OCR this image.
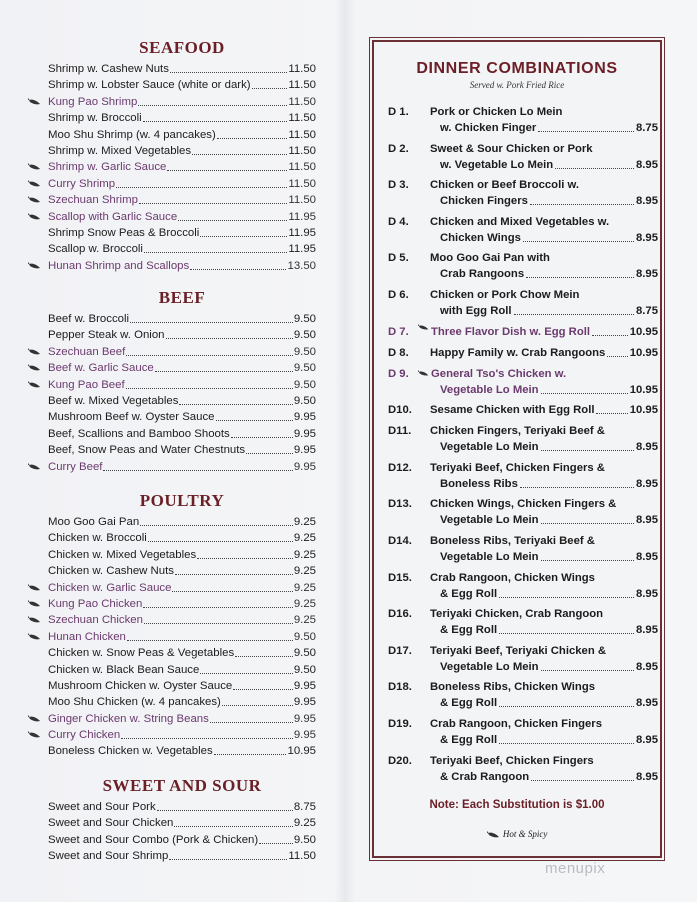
SEAFOOD
Shrimp w. Cashew Nuts	11.50
Shrimp w. Lobster Sauce (white or dark)	11.50
Kung Pao Shrimp	11.50
Shrimp w. Broccoli	11.50
Moo Shu Shrimp (w. 4 pancakes)	11.50
Shrimp w. Mixed Vegetables	11.50
Shrimp w. Garlic Sauce	11.50
Curry Shrimp	11.50
Szechuan Shrimp	11.50
Scallop with Garlic Sauce	11.95
Shrimp Snow Peas & Broccoli	11.95
Scallop w. Broccoli	11.95
Hunan Shrimp and Scallops	13.50
BEEF
Beef w. Broccoli	9.50
Pepper Steak w. Onion	9.50
Szechuan Beef	9.50
Beef w. Garlic Sauce	9.50
Kung Pao Beef	9.50
Beef w. Mixed Vegetables	9.50
Mushroom Beef w. Oyster Sauce	9.95
Beef, Scallions and Bamboo Shoots	9.95
Beef, Snow Peas and Water Chestnuts	9.95
Curry Beef	9.95
POULTRY
Moo Goo Gai Pan	9.25
Chicken w. Broccoli	9.25
Chicken w. Mixed Vegetables	9.25
Chicken w. Cashew Nuts	9.25
Chicken w. Garlic Sauce	9.25
Kung Pao Chicken	9.25
Szechuan Chicken	9.25
Hunan Chicken	9.50
Chicken w. Snow Peas & Vegetables	9.50
Chicken w. Black Bean Sauce	9.50
Mushroom Chicken w. Oyster Sauce	9.95
Moo Shu Chicken (w. 4 pancakes)	9.95
Ginger Chicken w. String Beans	9.95
Curry Chicken	9.95
Boneless Chicken w. Vegetables	10.95
SWEET AND SOUR
Sweet and Sour Pork	8.75
Sweet and Sour Chicken	9.25
Sweet and Sour Combo (Pork & Chicken)	9.50
Sweet and Sour Shrimp	11.50
DINNER COMBINATIONS
Served w. Pork Fried Rice
D 1.	Pork or Chicken Lo Mein
w. Chicken Finger	8.75
D 2.	Sweet & Sour Chicken or Pork
w. Vegetable Lo Mein	8.95
D 3.	Chicken or Beef Broccoli w.
Chicken Fingers	8.95
D 4.	Chicken and Mixed Vegetables w.
Chicken Wings	8.95
D 5.	Moo Goo Gai Pan with
Crab Rangoons	8.95
D 6.	Chicken or Pork Chow Mein
with Egg Roll	8.75
D 7.	Three Flavor Dish w. Egg Roll	10.95
D 8.	Happy Family w. Crab Rangoons 10.95
D 9.	General Tso's Chicken w.
Vegetable Lo Mein	10.95
D10.	Sesame Chicken with Egg Roll	10.95
D11.	Chicken Fingers, Teriyaki Beef &
Vegetable Lo Mein	8.95
D12.	Teriyaki Beef, Chicken Fingers &
Boneless Ribs	8.95
D13.	Chicken Wings, Chicken Fingers &
Vegetable Lo Mein	8.95
D14.	Boneless Ribs, Teriyaki Beef &
Vegetable Lo Mein	8.95
D15.	Crab Rangoon, Chicken Wings
& Egg Roll	8.95
D16.	Teriyaki Chicken, Crab Rangoon
& Egg Roll	8.95
D17.	Teriyaki Beef, Teriyaki Chicken &
Vegetable Lo Mein	8.95
D18.	Boneless Ribs, Chicken Wings
& Egg Roll	8.95
D19.	Crab Rangoon, Chicken Fingers
& Egg Roll	8.95
D20.	Teriyaki Beef, Chicken Fingers
& Crab Rangoon	8.95
Note: Each Substitution is $1.00
Hot & Spicy
menupix
